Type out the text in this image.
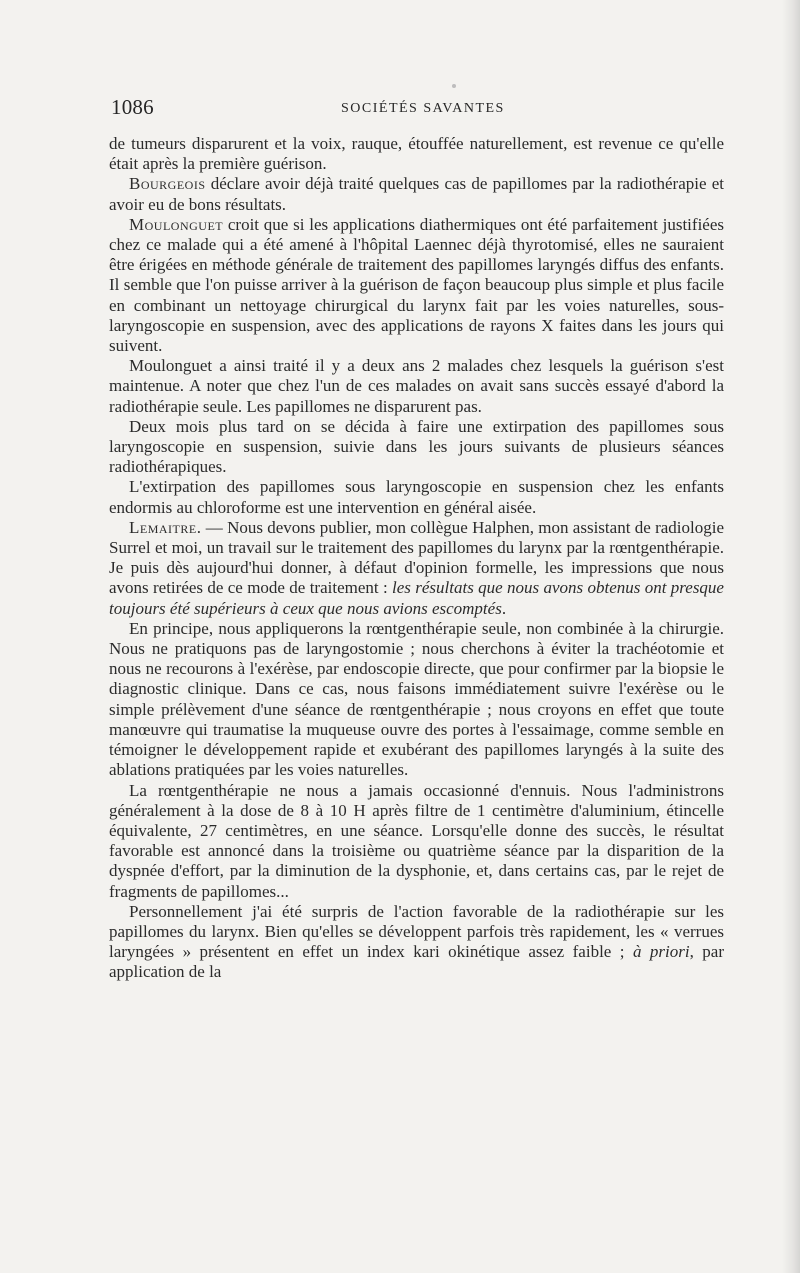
1086	SOCIÉTÉS SAVANTES

de tumeurs disparurent et la voix, rauque, étouffée naturellement, est revenue ce qu'elle était après la première guérison.

Bourgeois déclare avoir déjà traité quelques cas de papillomes par la radiothérapie et avoir eu de bons résultats.

Moulonguet croit que si les applications diathermiques ont été parfaitement justifiées chez ce malade qui a été amené à l'hôpital Laennec déjà thyrotomisé, elles ne sauraient être érigées en méthode générale de traitement des papillomes laryngés diffus des enfants. Il semble que l'on puisse arriver à la guérison de façon beaucoup plus simple et plus facile en combinant un nettoyage chirurgical du larynx fait par les voies naturelles, sous-laryngoscopie en suspension, avec des applications de rayons X faites dans les jours qui suivent.

Moulonguet a ainsi traité il y a deux ans 2 malades chez lesquels la guérison s'est maintenue. A noter que chez l'un de ces malades on avait sans succès essayé d'abord la radiothérapie seule. Les papillomes ne disparurent pas.

Deux mois plus tard on se décida à faire une extirpation des papillomes sous laryngoscopie en suspension, suivie dans les jours suivants de plusieurs séances radiothérapiques.

L'extirpation des papillomes sous laryngoscopie en suspension chez les enfants endormis au chloroforme est une intervention en général aisée.

Lemaitre. — Nous devons publier, mon collègue Halphen, mon assistant de radiologie Surrel et moi, un travail sur le traitement des papillomes du larynx par la rœntgenthérapie. Je puis dès aujourd'hui donner, à défaut d'opinion formelle, les impressions que nous avons retirées de ce mode de traitement : les résultats que nous avons obtenus ont presque toujours été supérieurs à ceux que nous avions escomptés.

En principe, nous appliquerons la rœntgenthérapie seule, non combinée à la chirurgie. Nous ne pratiquons pas de laryngostomie ; nous cherchons à éviter la trachéotomie et nous ne recourons à l'exérèse, par endoscopie directe, que pour confirmer par la biopsie le diagnostic clinique. Dans ce cas, nous faisons immédiatement suivre l'exérèse ou le simple prélèvement d'une séance de rœntgenthérapie ; nous croyons en effet que toute manœuvre qui traumatise la muqueuse ouvre des portes à l'essaimage, comme semble en témoigner le développement rapide et exubérant des papillomes laryngés à la suite des ablations pratiquées par les voies naturelles.

La rœntgenthérapie ne nous a jamais occasionné d'ennuis. Nous l'administrons généralement à la dose de 8 à 10 H après filtre de 1 centimètre d'aluminium, étincelle équivalente, 27 centimètres, en une séance. Lorsqu'elle donne des succès, le résultat favorable est annoncé dans la troisième ou quatrième séance par la disparition de la dyspnée d'effort, par la diminution de la dysphonie, et, dans certains cas, par le rejet de fragments de papillomes...

Personnellement j'ai été surpris de l'action favorable de la radiothérapie sur les papillomes du larynx. Bien qu'elles se développent parfois très rapidement, les « verrues laryngées » présentent en effet un index kari okinétique assez faible ; à priori, par application de la
